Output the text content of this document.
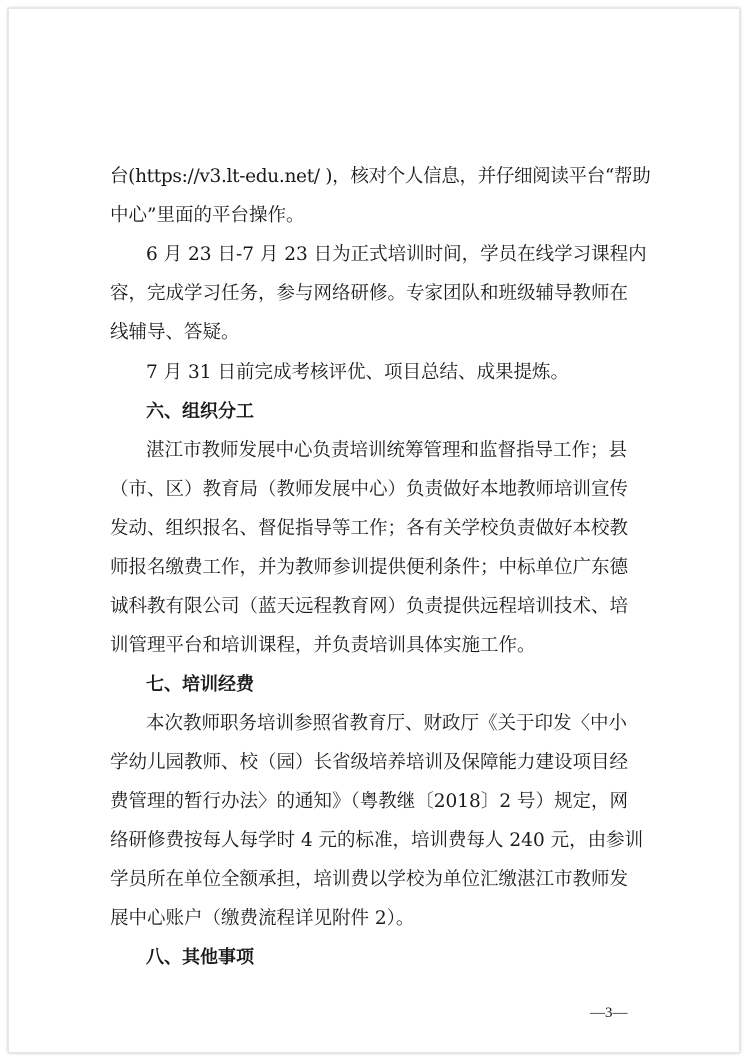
台(https://v3.lt-edu.net/ )，核对个人信息，并仔细阅读平台“帮助
中心”里面的平台操作。
6 月 23 日-7 月 23 日为正式培训时间，学员在线学习课程内
容，完成学习任务，参与网络研修。专家团队和班级辅导教师在
线辅导、答疑。
7 月 31 日前完成考核评优、项目总结、成果提炼。
六、组织分工
湛江市教师发展中心负责培训统筹管理和监督指导工作；县
（市、区）教育局（教师发展中心）负责做好本地教师培训宣传
发动、组织报名、督促指导等工作；各有关学校负责做好本校教
师报名缴费工作，并为教师参训提供便利条件；中标单位广东德
诚科教有限公司（蓝天远程教育网）负责提供远程培训技术、培
训管理平台和培训课程，并负责培训具体实施工作。
七、培训经费
本次教师职务培训参照省教育厅、财政厅《关于印发〈中小
学幼儿园教师、校（园）长省级培养培训及保障能力建设项目经
费管理的暂行办法〉的通知》（粤教继〔2018〕2 号）规定，网
络研修费按每人每学时 4 元的标准，培训费每人 240 元，由参训
学员所在单位全额承担，培训费以学校为单位汇缴湛江市教师发
展中心账户（缴费流程详见附件 2）。
八、其他事项
—3—
